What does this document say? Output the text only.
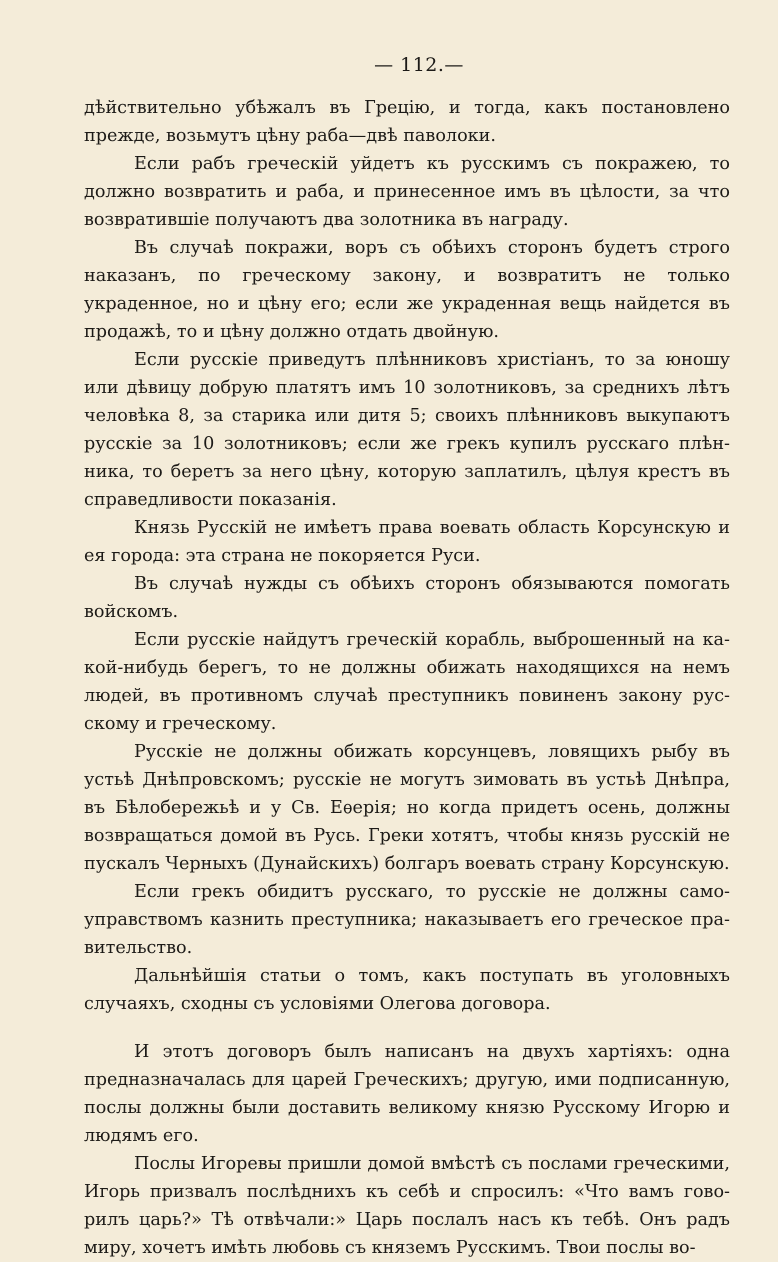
— 112.—

дѣйствительно убѣжалъ въ Грецію, и тогда, какъ постановлено прежде, возьмутъ цѣну раба—двѣ паволоки.

Если рабъ греческій уйдетъ къ русскимъ съ покражею, то должно возвратить и раба, и принесенное имъ въ цѣлости, за что возвратившіе получаютъ два золотника въ награду.

Въ случаѣ покражи, воръ съ обѣихъ сторонъ будетъ строго наказанъ, по греческому закону, и возвратитъ не только украденное, но и цѣну его; если же украденная вещь найдется въ продажѣ, то и цѣну должно отдать двойную.

Если русскіе приведутъ плѣнниковъ христіанъ, то за юношу или дѣвицу добрую платятъ имъ 10 золотниковъ, за среднихъ лѣтъ человѣка 8, за старика или дитя 5; своихъ плѣнниковъ выкупаютъ русскіе за 10 золотниковъ; если же грекъ купилъ русскаго плѣнника, то беретъ за него цѣну, которую заплатилъ, цѣлуя крестъ въ справедливости показанія.

Князь Русскій не имѣетъ права воевать область Корсунскую и ея города: эта страна не покоряется Руси.

Въ случаѣ нужды съ обѣихъ сторонъ обязываются помогать войскомъ.

Если русскіе найдутъ греческій корабль, выброшенный на какой-нибудь берегъ, то не должны обижать находящихся на немъ людей, въ противномъ случаѣ преступникъ повиненъ закону русскому и греческому.

Русскіе не должны обижать корсунцевъ, ловящихъ рыбу въ устьѣ Днѣпровскомъ; русскіе не могутъ зимовать въ устьѣ Днѣпра, въ Бѣлобережьѣ и у Св. Еѳерія; но когда придетъ осень, должны возвращаться домой въ Русь. Греки хотятъ, чтобы князь русскій не пускалъ Черныхъ (Дунайскихъ) болгаръ воевать страну Корсунскую.

Если грекъ обидитъ русскаго, то русскіе не должны самоуправствомъ казнить преступника; наказываетъ его греческое правительство.

Дальнѣйшія статьи о томъ, какъ поступать въ уголовныхъ случаяхъ, сходны съ условіями Олегова договора.

И этотъ договоръ былъ написанъ на двухъ хартіяхъ: одна предназначалась для царей Греческихъ; другую, ими подписанную, послы должны были доставить великому князю Русскому Игорю и людямъ его.

Послы Игоревы пришли домой вмѣстѣ съ послами греческими, Игорь призвалъ послѣднихъ къ себѣ и спросилъ: «Что вамъ говорилъ царь?» Тѣ отвѣчали:» Царь послалъ насъ къ тебѣ. Онъ радъ миру, хочетъ имѣть любовь съ княземъ Русскимъ. Твои послы во-
